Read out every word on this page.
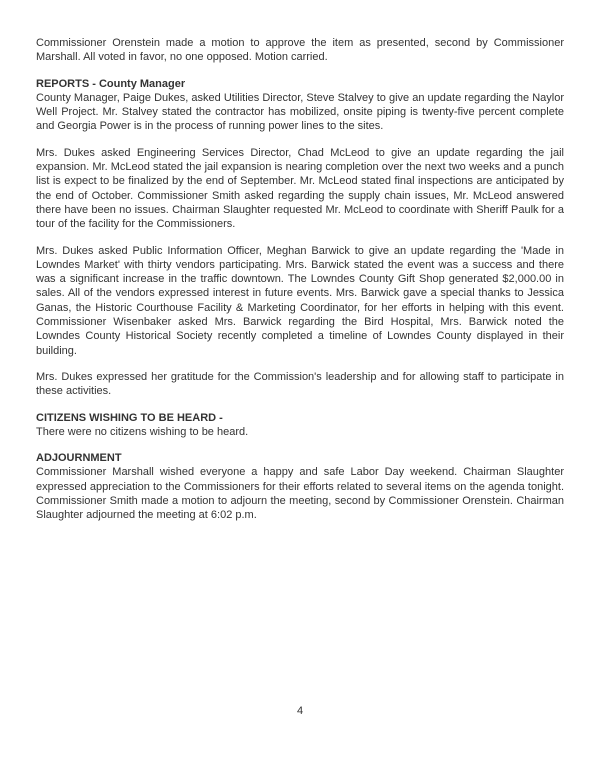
Commissioner Orenstein made a motion to approve the item as presented, second by Commissioner Marshall. All voted in favor, no one opposed. Motion carried.

REPORTS - County Manager

County Manager, Paige Dukes, asked Utilities Director, Steve Stalvey to give an update regarding the Naylor Well Project. Mr. Stalvey stated the contractor has mobilized, onsite piping is twenty-five percent complete and Georgia Power is in the process of running power lines to the sites.

Mrs. Dukes asked Engineering Services Director, Chad McLeod to give an update regarding the jail expansion. Mr. McLeod stated the jail expansion is nearing completion over the next two weeks and a punch list is expect to be finalized by the end of September. Mr. McLeod stated final inspections are anticipated by the end of October. Commissioner Smith asked regarding the supply chain issues, Mr. McLeod answered there have been no issues. Chairman Slaughter requested Mr. McLeod to coordinate with Sheriff Paulk for a tour of the facility for the Commissioners.

Mrs. Dukes asked Public Information Officer, Meghan Barwick to give an update regarding the 'Made in Lowndes Market' with thirty vendors participating. Mrs. Barwick stated the event was a success and there was a significant increase in the traffic downtown. The Lowndes County Gift Shop generated $2,000.00 in sales. All of the vendors expressed interest in future events. Mrs. Barwick gave a special thanks to Jessica Ganas, the Historic Courthouse Facility & Marketing Coordinator, for her efforts in helping with this event. Commissioner Wisenbaker asked Mrs. Barwick regarding the Bird Hospital, Mrs. Barwick noted the Lowndes County Historical Society recently completed a timeline of Lowndes County displayed in their building.

Mrs. Dukes expressed her gratitude for the Commission's leadership and for allowing staff to participate in these activities.

CITIZENS WISHING TO BE HEARD -

There were no citizens wishing to be heard.

ADJOURNMENT

Commissioner Marshall wished everyone a happy and safe Labor Day weekend. Chairman Slaughter expressed appreciation to the Commissioners for their efforts related to several items on the agenda tonight. Commissioner Smith made a motion to adjourn the meeting, second by Commissioner Orenstein. Chairman Slaughter adjourned the meeting at 6:02 p.m.

4
